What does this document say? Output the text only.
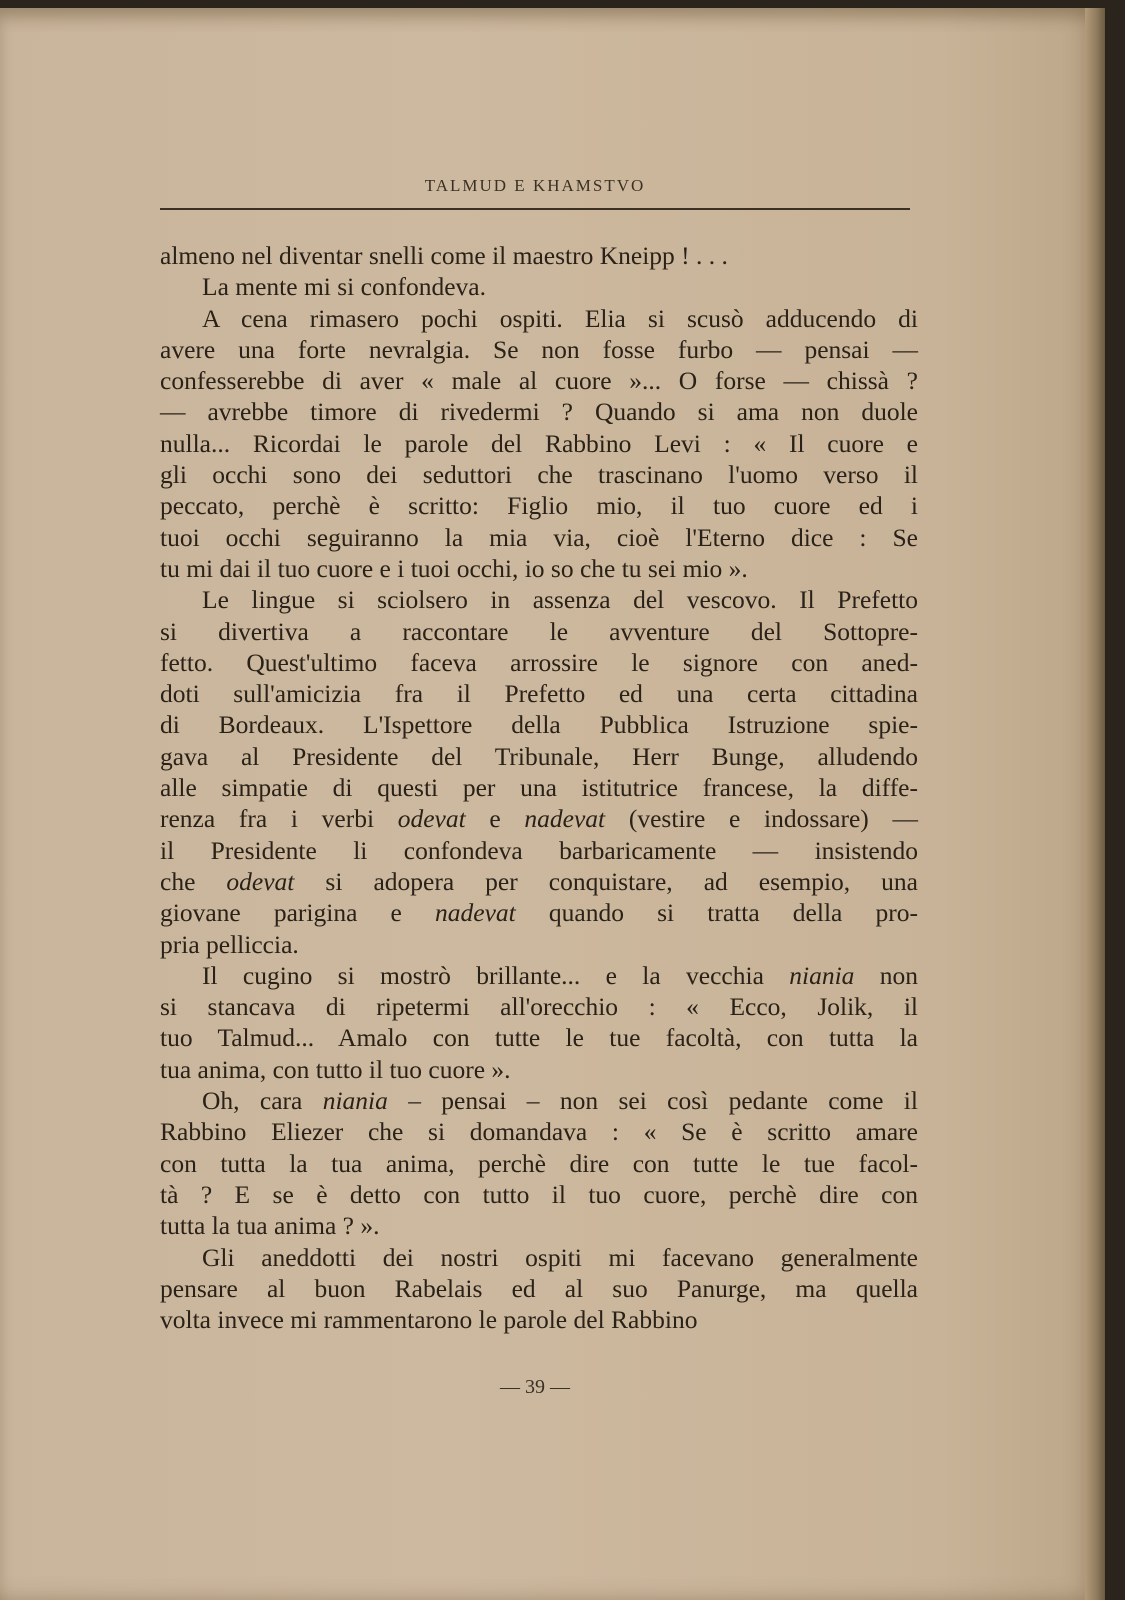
TALMUD E KHAMSTVO

almeno nel diventar snelli come il maestro Kneipp ! . . .

La mente mi si confondeva.

A cena rimasero pochi ospiti. Elia si scusò adducendo di
avere una forte nevralgia. Se non fosse furbo — pensai —
confesserebbe di aver « male al cuore »... O forse — chissà ?
— avrebbe timore di rivedermi ? Quando si ama non duole
nulla... Ricordai le parole del Rabbino Levi : « Il cuore e
gli occhi sono dei seduttori che trascinano l'uomo verso il
peccato, perchè è scritto: Figlio mio, il tuo cuore ed i
tuoi occhi seguiranno la mia via, cioè l'Eterno dice : Se
tu mi dai il tuo cuore e i tuoi occhi, io so che tu sei mio ».

Le lingue si sciolsero in assenza del vescovo. Il Prefetto
si divertiva a raccontare le avventure del Sottopre-
fetto. Quest'ultimo faceva arrossire le signore con aned-
doti sull'amicizia fra il Prefetto ed una certa cittadina
di Bordeaux. L'Ispettore della Pubblica Istruzione spie-
gava al Presidente del Tribunale, Herr Bunge, alludendo
alle simpatie di questi per una istitutrice francese, la diffe-
renza fra i verbi odevat e nadevat (vestire e indossare) —
il Presidente li confondeva barbaricamente — insistendo
che odevat si adopera per conquistare, ad esempio, una
giovane parigina e nadevat quando si tratta della pro-
pria pelliccia.

Il cugino si mostrò brillante... e la vecchia niania non
si stancava di ripetermi all'orecchio : « Ecco, Jolik, il
tuo Talmud... Amalo con tutte le tue facoltà, con tutta la
tua anima, con tutto il tuo cuore ».

Oh, cara niania – pensai – non sei così pedante come il
Rabbino Eliezer che si domandava : « Se è scritto amare
con tutta la tua anima, perchè dire con tutte le tue facol-
tà ? E se è detto con tutto il tuo cuore, perchè dire con
tutta la tua anima ? ».

Gli aneddotti dei nostri ospiti mi facevano generalmente
pensare al buon Rabelais ed al suo Panurge, ma quella
volta invece mi rammentarono le parole del Rabbino

— 39 —
